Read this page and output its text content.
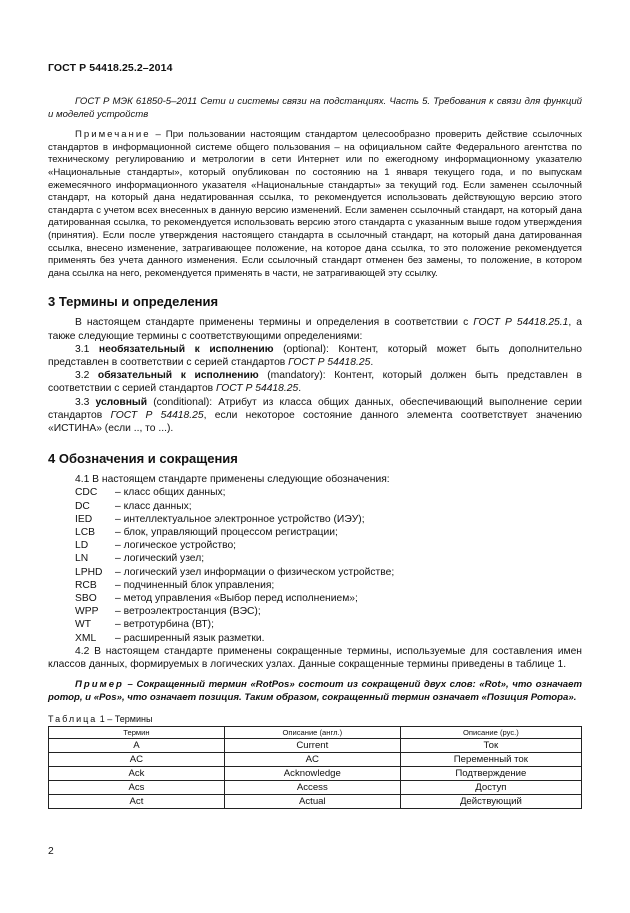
ГОСТ Р 54418.25.2–2014

ГОСТ Р МЭК 61850-5–2011 Сети и системы связи на подстанциях. Часть 5. Требования к связи для функций и моделей устройств

Примечание – При пользовании настоящим стандартом целесообразно проверить действие ссылочных стандартов в информационной системе общего пользования – на официальном сайте Федерального агентства по техническому регулированию и метрологии в сети Интернет или по ежегодному информационному указателю «Национальные стандарты», который опубликован по состоянию на 1 января текущего года, и по выпускам ежемесячного информационного указателя «Национальные стандарты» за текущий год. Если заменен ссылочный стандарт, на который дана недатированная ссылка, то рекомендуется использовать действующую версию этого стандарта с учетом всех внесенных в данную версию изменений. Если заменен ссылочный стандарт, на который дана датированная ссылка, то рекомендуется использовать версию этого стандарта с указанным выше годом утверждения (принятия). Если после утверждения настоящего стандарта в ссылочный стандарт, на который дана датированная ссылка, внесено изменение, затрагивающее положение, на которое дана ссылка, то это положение рекомендуется применять без учета данного изменения. Если ссылочный стандарт отменен без замены, то положение, в котором дана ссылка на него, рекомендуется применять в части, не затрагивающей эту ссылку.

3 Термины и определения

В настоящем стандарте применены термины и определения в соответствии с ГОСТ Р 54418.25.1, а также следующие термины с соответствующими определениями:

3.1 необязательный к исполнению (optional): Контент, который может быть дополнительно представлен в соответствии с серией стандартов ГОСТ Р 54418.25.

3.2 обязательный к исполнению (mandatory): Контент, который должен быть представлен в соответствии с серией стандартов ГОСТ Р 54418.25.

3.3 условный (conditional): Атрибут из класса общих данных, обеспечивающий выполнение серии стандартов ГОСТ Р 54418.25, если некоторое состояние данного элемента соответствует значению «ИСТИНА» (если .., то ...).

4 Обозначения и сокращения

4.1 В настоящем стандарте применены следующие обозначения:

CDC	– класс общих данных;
DC	– класс данных;
IED	– интеллектуальное электронное устройство (ИЭУ);
LCB	– блок, управляющий процессом регистрации;
LD	– логическое устройство;
LN	– логический узел;
LPHD	– логический узел информации о физическом устройстве;
RCB	– подчиненный блок управления;
SBO	– метод управления «Выбор перед исполнением»;
WPP	– ветроэлектростанция (ВЭС);
WT	– ветротурбина (ВТ);
XML	– расширенный язык разметки.

4.2 В настоящем стандарте применены сокращенные термины, используемые для составления имен классов данных, формируемых в логических узлах. Данные сокращенные термины приведены в таблице 1.

Пример – Сокращенный термин «RotPos» состоит из сокращений двух слов: «Rot», что означает ротор, и «Pos», что означает позиция. Таким образом, сокращенный термин означает «Позиция Ротора».

Таблица 1 – Термины
Термин	Описание (англ.)	Описание (рус.)
A	Current	Ток
AC	AC	Переменный ток
Ack	Acknowledge	Подтверждение
Acs	Access	Доступ
Act	Actual	Действующий
2
